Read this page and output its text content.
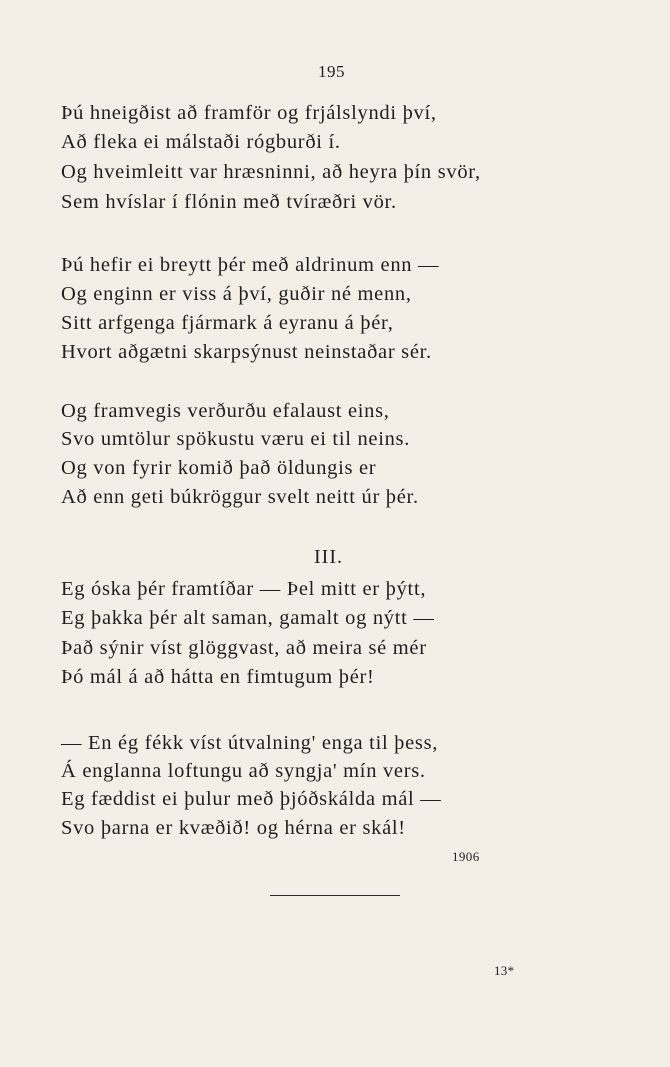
195
Þú hneigðist að framför og frjálslyndi því,
Að fleka ei málstaði rógburði í.
Og hveimleitt var hræsninni, að heyra þín svör,
Sem hvíslar í flónin með tvíræðri vör.
Þú hefir ei breytt þér með aldrinum enn —
Og enginn er viss á því, guðir né menn,
Sitt arfgenga fjármark á eyranu á þér,
Hvort aðgætni skarpsýnust neinstaðar sér.
Og framvegis verðurðu efalaust eins,
Svo umtölur spökustu væru ei til neins.
Og von fyrir komið það öldungis er
Að enn geti búkröggur svelt neitt úr þér.
III.
Eg óska þér framtíðar — Þel mitt er þýtt,
Eg þakka þér alt saman, gamalt og nýtt —
Það sýnir víst glöggvast, að meira sé mér
Þó mál á að hátta en fimtugum þér!
— En ég fékk víst útvalning' enga til þess,
Á englanna loftungu að syngja' mín vers.
Eg fæddist ei þulur með þjóðskálda mál —
Svo þarna er kvæðið! og hérna er skál!
1906
13*
